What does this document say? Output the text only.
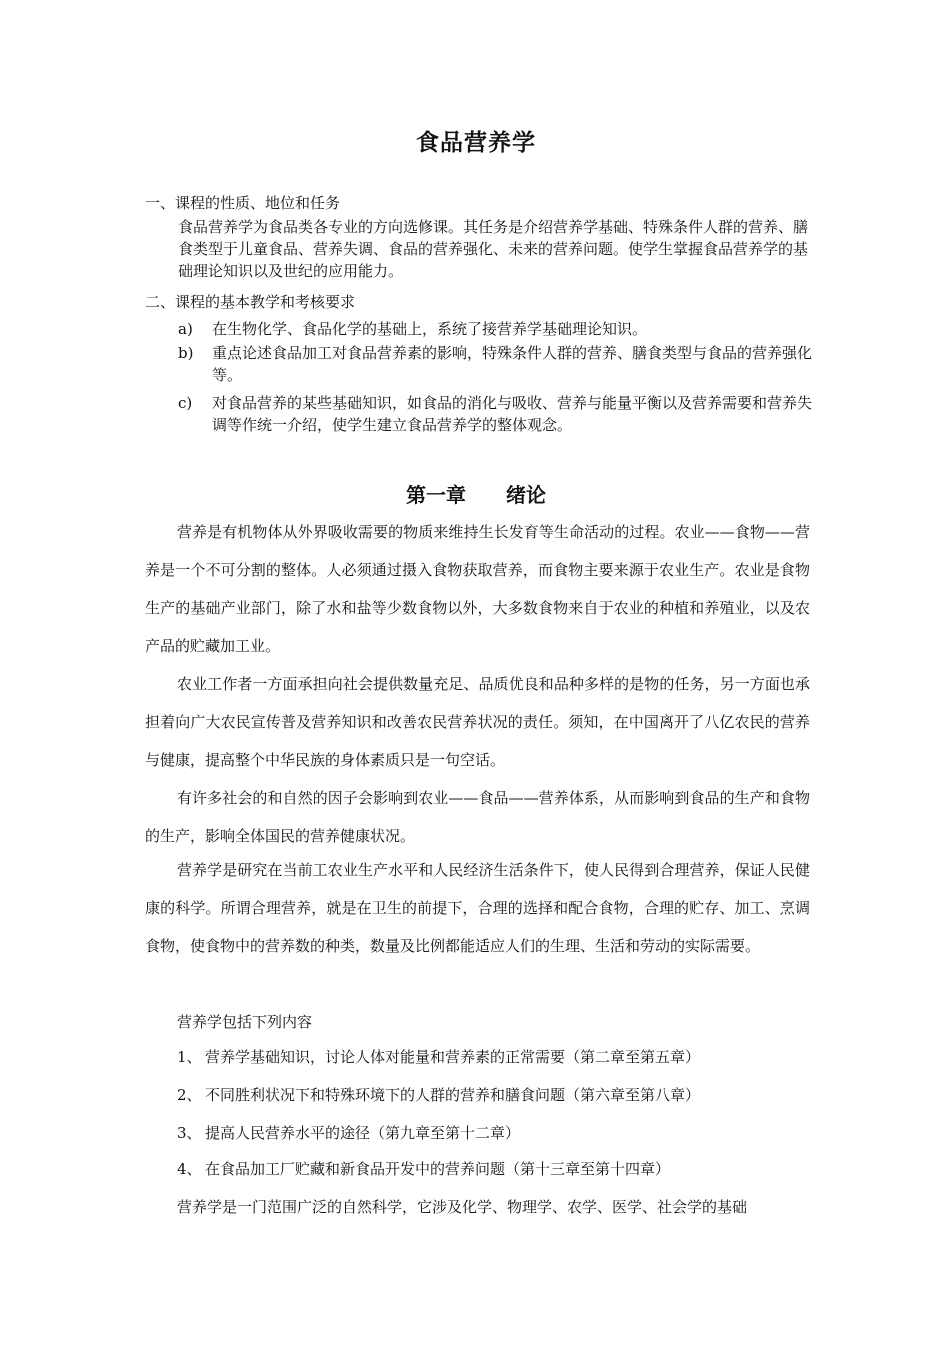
食品营养学
一、课程的性质、地位和任务
食品营养学为食品类各专业的方向选修课。其任务是介绍营养学基础、特殊条件人群的营养、膳食类型于儿童食品、营养失调、食品的营养强化、未来的营养问题。使学生掌握食品营养学的基础理论知识以及世纪的应用能力。
二、课程的基本教学和考核要求
a)	在生物化学、食品化学的基础上，系统了接营养学基础理论知识。
b)	重点论述食品加工对食品营养素的影响，特殊条件人群的营养、膳食类型与食品的营养强化等。
c)	对食品营养的某些基础知识，如食品的消化与吸收、营养与能量平衡以及营养需要和营养失调等作统一介绍，使学生建立食品营养学的整体观念。
第一章 绪论
营养是有机物体从外界吸收需要的物质来维持生长发育等生命活动的过程。农业——食物——营养是一个不可分割的整体。人必须通过摄入食物获取营养，而食物主要来源于农业生产。农业是食物生产的基础产业部门，除了水和盐等少数食物以外，大多数食物来自于农业的种植和养殖业，以及农产品的贮藏加工业。
农业工作者一方面承担向社会提供数量充足、品质优良和品种多样的是物的任务，另一方面也承担着向广大农民宣传普及营养知识和改善农民营养状况的责任。须知，在中国离开了八亿农民的营养与健康，提高整个中华民族的身体素质只是一句空话。
有许多社会的和自然的因子会影响到农业——食品——营养体系，从而影响到食品的生产和食物的生产，影响全体国民的营养健康状况。
营养学是研究在当前工农业生产水平和人民经济生活条件下，使人民得到合理营养，保证人民健康的科学。所谓合理营养，就是在卫生的前提下，合理的选择和配合食物，合理的贮存、加工、烹调食物，使食物中的营养数的种类，数量及比例都能适应人们的生理、生活和劳动的实际需要。
营养学包括下列内容
1、 营养学基础知识，讨论人体对能量和营养素的正常需要（第二章至第五章）
2、 不同胜利状况下和特殊环境下的人群的营养和膳食问题（第六章至第八章）
3、 提高人民营养水平的途径（第九章至第十二章）
4、 在食品加工厂贮藏和新食品开发中的营养问题（第十三章至第十四章）
营养学是一门范围广泛的自然科学，它涉及化学、物理学、农学、医学、社会学的基础
